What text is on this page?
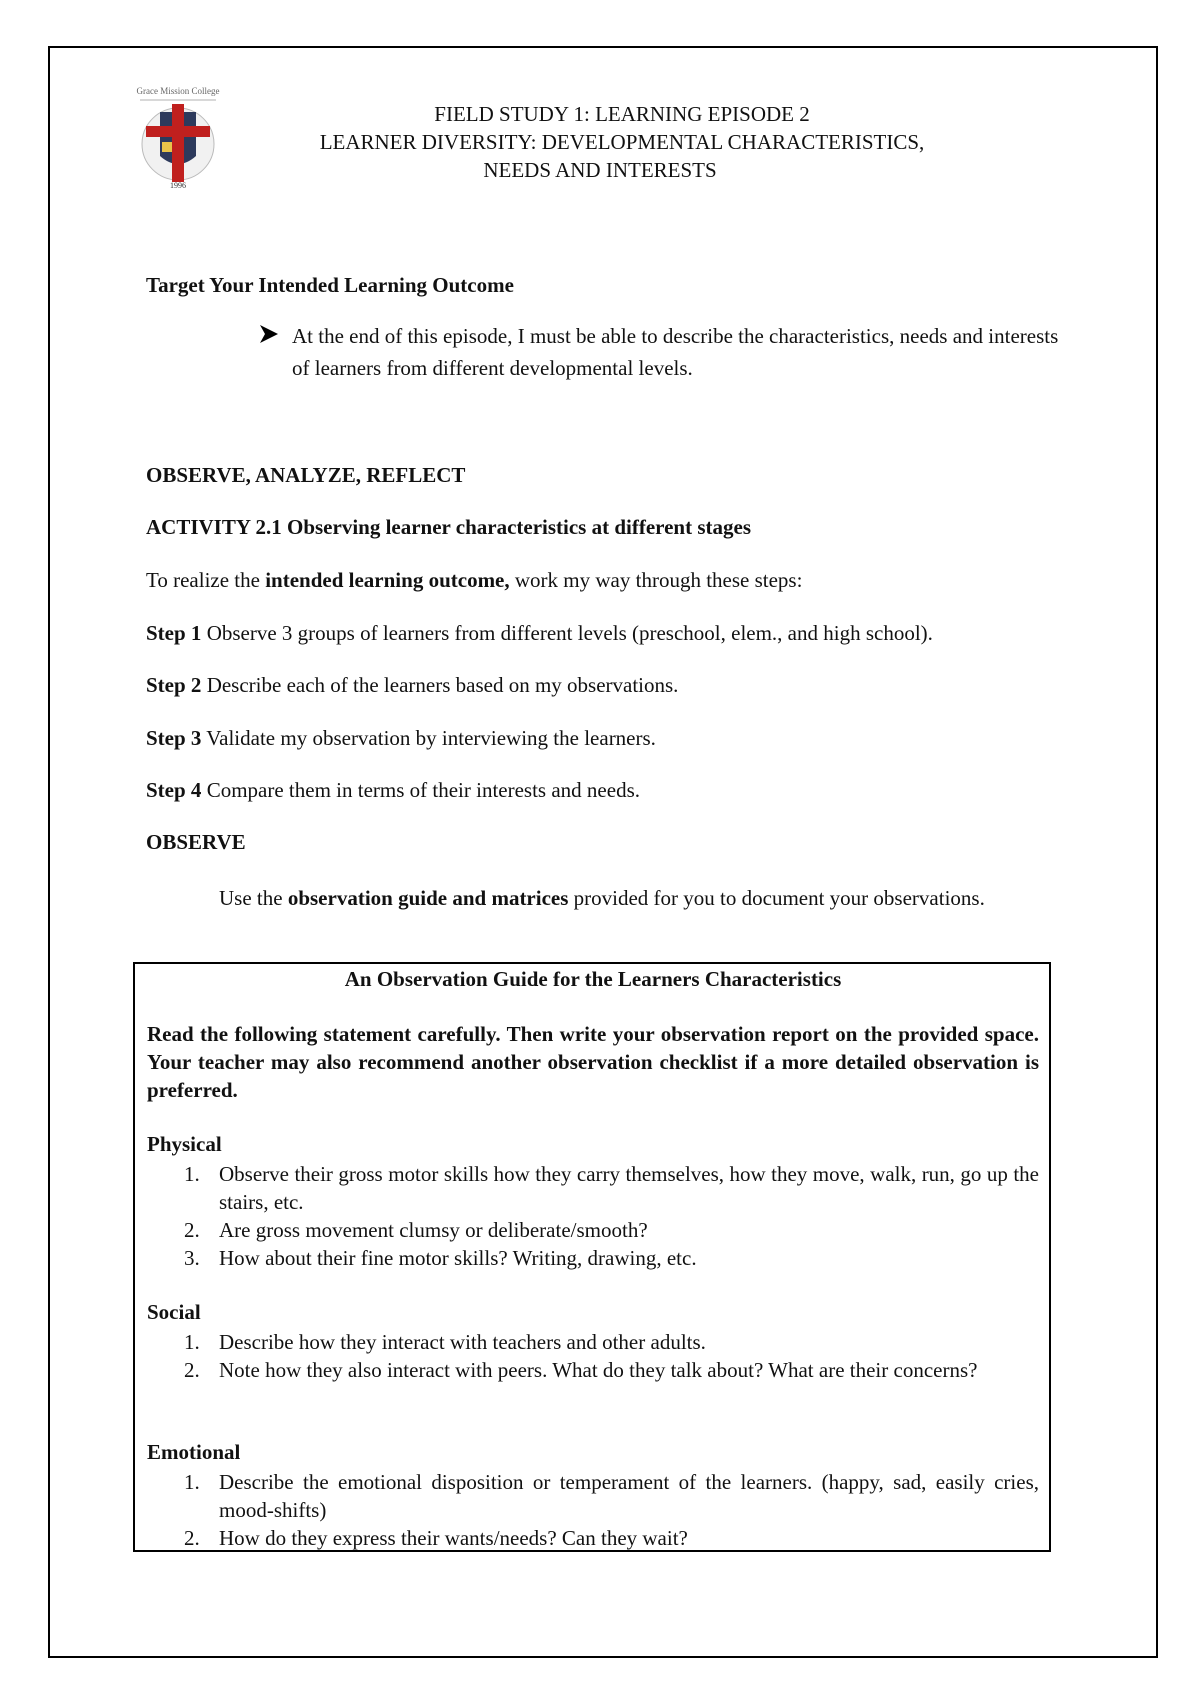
Grace Mission College
1996
FIELD STUDY 1: LEARNING EPISODE 2
LEARNER DIVERSITY: DEVELOPMENTAL CHARACTERISTICS,
NEEDS AND INTERESTS
Target Your Intended Learning Outcome
At the end of this episode, I must be able to describe the characteristics, needs and interests of learners from different developmental levels.
OBSERVE, ANALYZE, REFLECT
ACTIVITY 2.1 Observing learner characteristics at different stages
To realize the intended learning outcome, work my way through these steps:
Step 1 Observe 3 groups of learners from different levels (preschool, elem., and high school).
Step 2 Describe each of the learners based on my observations.
Step 3 Validate my observation by interviewing the learners.
Step 4 Compare them in terms of their interests and needs.
OBSERVE
Use the observation guide and matrices provided for you to document your observations.
An Observation Guide for the Learners Characteristics
Read the following statement carefully. Then write your observation report on the provided space. Your teacher may also recommend another observation checklist if a more detailed observation is preferred.
Physical
1. Observe their gross motor skills how they carry themselves, how they move, walk, run, go up the stairs, etc.
2. Are gross movement clumsy or deliberate/smooth?
3. How about their fine motor skills? Writing, drawing, etc.
Social
1. Describe how they interact with teachers and other adults.
2. Note how they also interact with peers. What do they talk about? What are their concerns?
Emotional
1. Describe the emotional disposition or temperament of the learners. (happy, sad, easily cries, mood-shifts)
2. How do they express their wants/needs? Can they wait?
